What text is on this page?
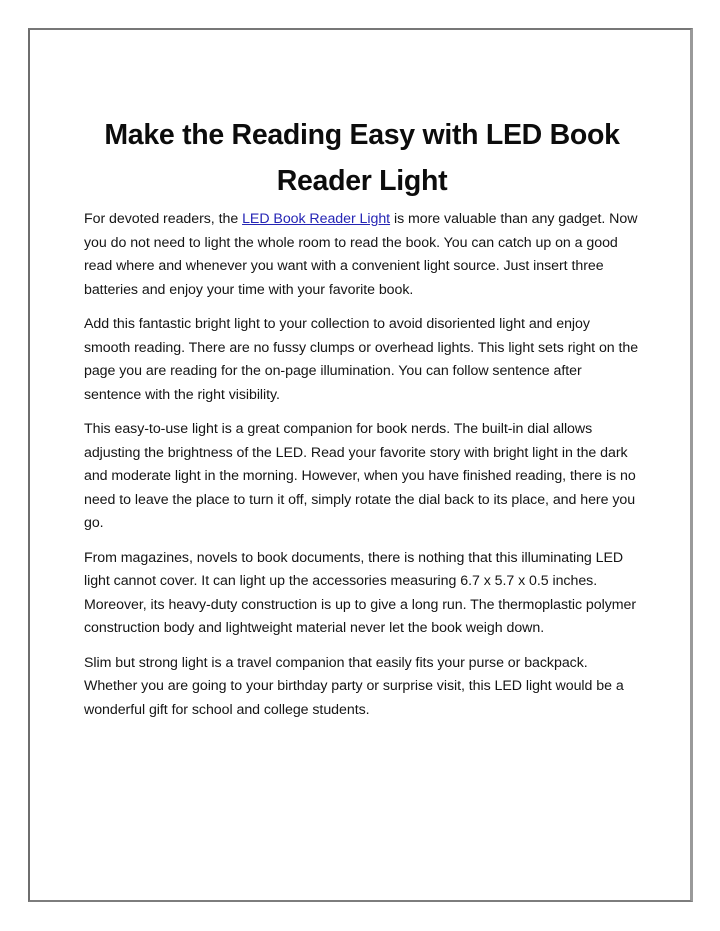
Make the Reading Easy with LED Book Reader Light

For devoted readers, the LED Book Reader Light is more valuable than any gadget. Now you do not need to light the whole room to read the book. You can catch up on a good read where and whenever you want with a convenient light source. Just insert three batteries and enjoy your time with your favorite book.

Add this fantastic bright light to your collection to avoid disoriented light and enjoy smooth reading. There are no fussy clumps or overhead lights. This light sets right on the page you are reading for the on-page illumination. You can follow sentence after sentence with the right visibility.

This easy-to-use light is a great companion for book nerds. The built-in dial allows adjusting the brightness of the LED. Read your favorite story with bright light in the dark and moderate light in the morning. However, when you have finished reading, there is no need to leave the place to turn it off, simply rotate the dial back to its place, and here you go.

From magazines, novels to book documents, there is nothing that this illuminating LED light cannot cover. It can light up the accessories measuring 6.7 x 5.7 x 0.5 inches. Moreover, its heavy-duty construction is up to give a long run. The thermoplastic polymer construction body and lightweight material never let the book weigh down.

Slim but strong light is a travel companion that easily fits your purse or backpack. Whether you are going to your birthday party or surprise visit, this LED light would be a wonderful gift for school and college students.
